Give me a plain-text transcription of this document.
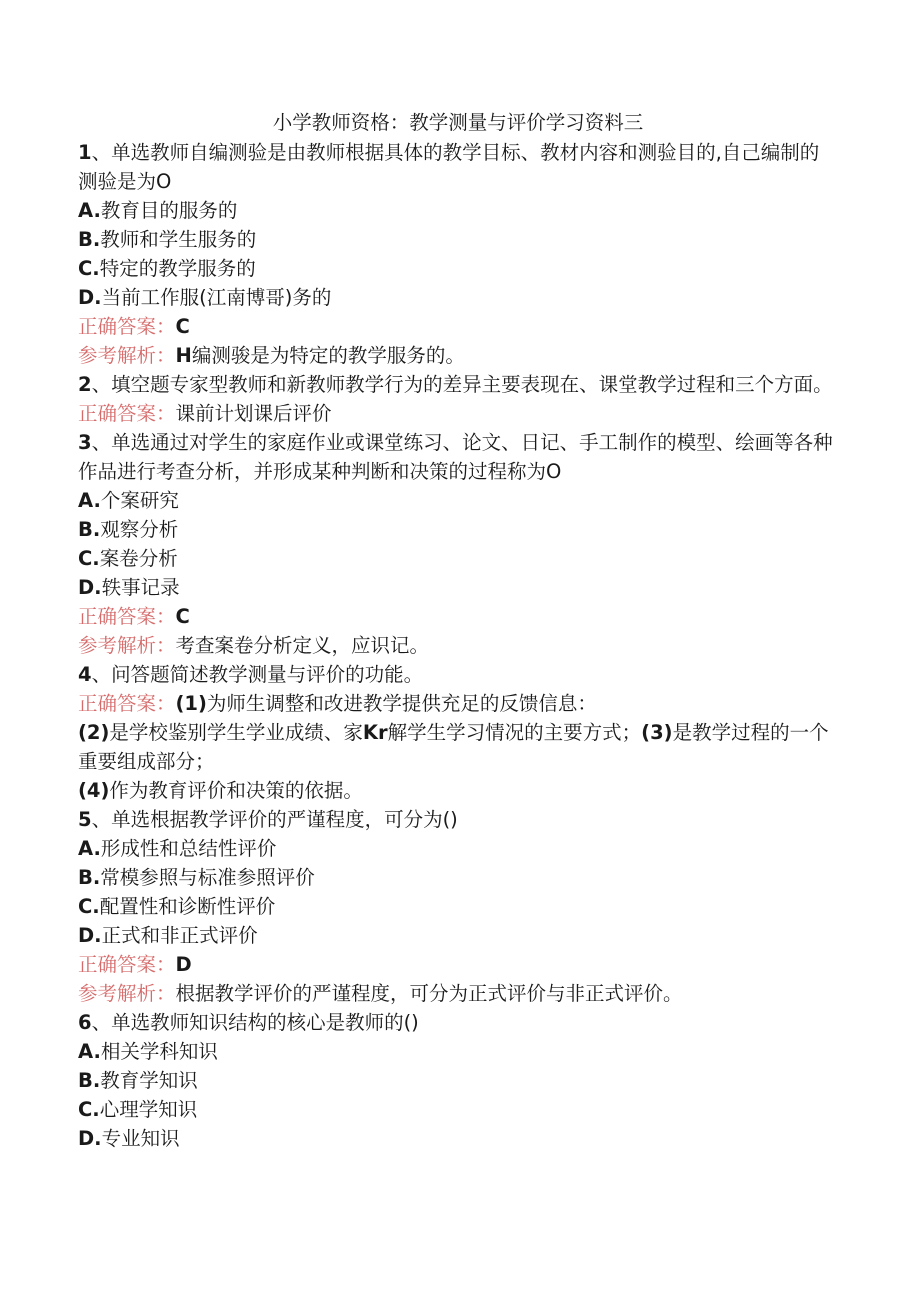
小学教师资格：教学测量与评价学习资料三

1、单选教师自编测验是由教师根据具体的教学目标、教材内容和测验目的,自己编制的测验是为O

A.教育目的服务的

B.教师和学生服务的

C.特定的教学服务的

D.当前工作服(江南博哥)务的

正确答案：C

参考解析：H编测骏是为特定的教学服务的。

2、填空题专家型教师和新教师教学行为的差异主要表现在、课堂教学过程和三个方面。

正确答案：课前计划课后评价

3、单选通过对学生的家庭作业或课堂练习、论文、日记、手工制作的模型、绘画等各种作品进行考查分析，并形成某种判断和决策的过程称为O

A.个案研究

B.观察分析

C.案卷分析

D.轶事记录

正确答案：C

参考解析：考查案卷分析定义，应识记。

4、问答题简述教学测量与评价的功能。

正确答案：(1)为师生调整和改进教学提供充足的反馈信息：

(2)是学校鉴别学生学业成绩、家Kr解学生学习情况的主要方式；(3)是教学过程的一个重要组成部分；

(4)作为教育评价和决策的依据。

5、单选根据教学评价的严谨程度，可分为()

A.形成性和总结性评价

B.常模参照与标准参照评价

C.配置性和诊断性评价

D.正式和非正式评价

正确答案：D

参考解析：根据教学评价的严谨程度，可分为正式评价与非正式评价。

6、单选教师知识结构的核心是教师的()

A.相关学科知识

B.教育学知识

C.心理学知识

D.专业知识
